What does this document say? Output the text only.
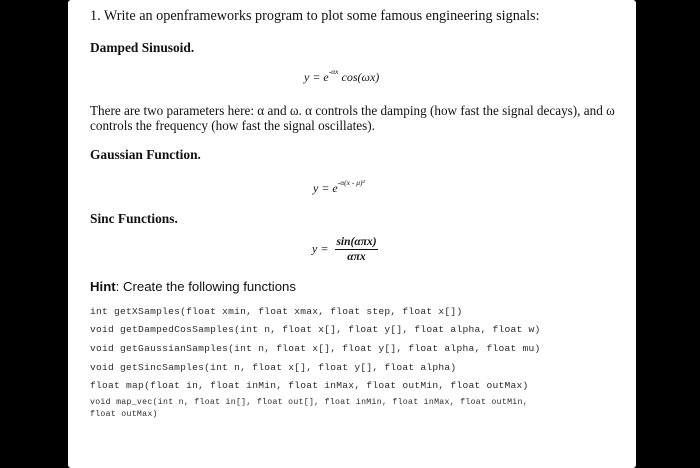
1. Write an openframeworks program to plot some famous engineering signals:
Damped Sinusoid.
$y = e^{-\alpha x}$ cos(ωx)
There are two parameters here: α and ω. α controls the damping (how fast the signal decays), and ω controls the frequency (how fast the signal oscillates).
Gaussian Function.
$y = e^{-\alpha(x - \mu)^2}$
Sinc Functions.
$y = \frac{\text{sin(απx)}}{\text{απx}}$
Hint: Create the following functions
int getXSamples(float xmin, float xmax, float step, float x[])
void getDampedCosSamples(int n, float x[], float y[], float alpha, float w)
void getGaussianSamples(int n, float x[], float y[], float alpha, float mu)
void getSincSamples(int n, float x[], float y[], float alpha)
float map(float in, float inMin, float inMax, float outMin, float outMax)
void map_vec(int n, float in[], float out[], float inMin, float inMax, float outMin,
float outMax)
